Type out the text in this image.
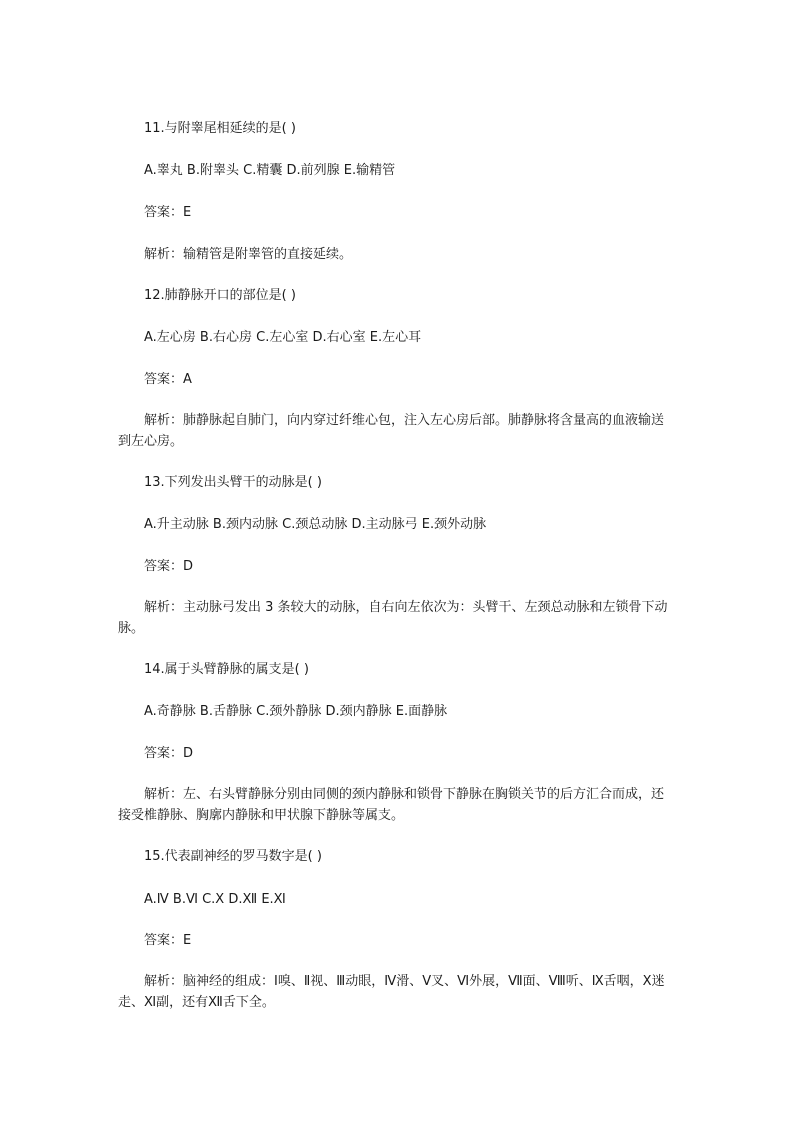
11.与附睾尾相延续的是( )
A.睾丸 B.附睾头 C.精囊 D.前列腺 E.输精管
答案：E
解析：输精管是附睾管的直接延续。
12.肺静脉开口的部位是( )
A.左心房 B.右心房 C.左心室 D.右心室 E.左心耳
答案：A
解析：肺静脉起自肺门，向内穿过纤维心包，注入左心房后部。肺静脉将含量高的血液输送到左心房。
13.下列发出头臂干的动脉是( )
A.升主动脉 B.颈内动脉 C.颈总动脉 D.主动脉弓 E.颈外动脉
答案：D
解析：主动脉弓发出 3 条较大的动脉，自右向左依次为：头臂干、左颈总动脉和左锁骨下动脉。
14.属于头臂静脉的属支是( )
A.奇静脉 B.舌静脉 C.颈外静脉 D.颈内静脉 E.面静脉
答案：D
解析：左、右头臂静脉分别由同侧的颈内静脉和锁骨下静脉在胸锁关节的后方汇合而成，还接受椎静脉、胸廓内静脉和甲状腺下静脉等属支。
15.代表副神经的罗马数字是( )
A.Ⅳ B.Ⅵ C.Ⅹ D.Ⅻ E.Ⅺ
答案：E
解析：脑神经的组成：Ⅰ嗅、Ⅱ视、Ⅲ动眼，Ⅳ滑、Ⅴ叉、Ⅵ外展，Ⅶ面、Ⅷ听、Ⅸ舌咽，Ⅹ迷走、Ⅺ副，还有Ⅻ舌下全。
